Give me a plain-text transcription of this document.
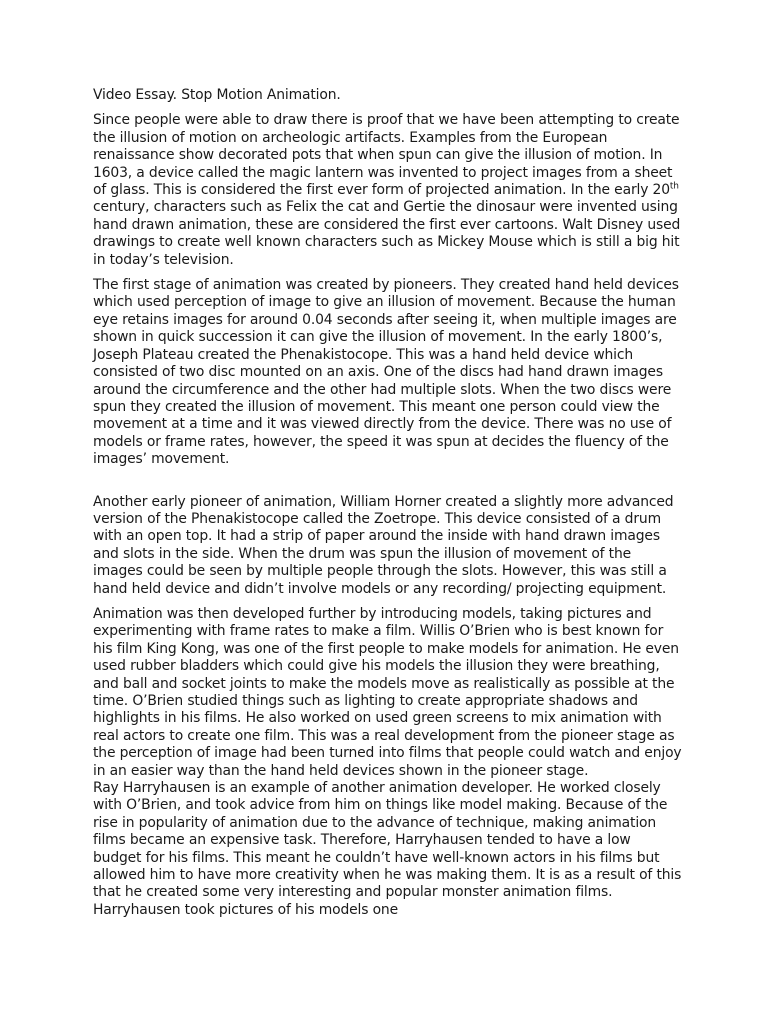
Video Essay. Stop Motion Animation.

Since people were able to draw there is proof that we have been attempting to create the illusion of motion on archeologic artifacts. Examples from the European renaissance show decorated pots that when spun can give the illusion of motion. In 1603, a device called the magic lantern was invented to project images from a sheet of glass. This is considered the first ever form of projected animation. In the early 20th century, characters such as Felix the cat and Gertie the dinosaur were invented using hand drawn animation, these are considered the first ever cartoons. Walt Disney used drawings to create well known characters such as Mickey Mouse which is still a big hit in today’s television.

The first stage of animation was created by pioneers. They created hand held devices which used perception of image to give an illusion of movement. Because the human eye retains images for around 0.04 seconds after seeing it, when multiple images are shown in quick succession it can give the illusion of movement. In the early 1800’s, Joseph Plateau created the Phenakistocope. This was a hand held device which consisted of two disc mounted on an axis. One of the discs had hand drawn images around the circumference and the other had multiple slots. When the two discs were spun they created the illusion of movement. This meant one person could view the movement at a time and it was viewed directly from the device. There was no use of models or frame rates, however, the speed it was spun at decides the fluency of the images’ movement.

Another early pioneer of animation, William Horner created a slightly more advanced version of the Phenakistocope called the Zoetrope. This device consisted of a drum with an open top. It had a strip of paper around the inside with hand drawn images and slots in the side. When the drum was spun the illusion of movement of the images could be seen by multiple people through the slots. However, this was still a hand held device and didn’t involve models or any recording/ projecting equipment.

Animation was then developed further by introducing models, taking pictures and experimenting with frame rates to make a film. Willis O’Brien who is best known for his film King Kong, was one of the first people to make models for animation. He even used rubber bladders which could give his models the illusion they were breathing, and ball and socket joints to make the models move as realistically as possible at the time. O’Brien studied things such as lighting to create appropriate shadows and highlights in his films. He also worked on used green screens to mix animation with real actors to create one film. This was a real development from the pioneer stage as the perception of image had been turned into films that people could watch and enjoy in an easier way than the hand held devices shown in the pioneer stage.

Ray Harryhausen is an example of another animation developer. He worked closely with O’Brien, and took advice from him on things like model making. Because of the rise in popularity of animation due to the advance of technique, making animation films became an expensive task. Therefore, Harryhausen tended to have a low budget for his films. This meant he couldn’t have well-known actors in his films but allowed him to have more creativity when he was making them. It is as a result of this that he created some very interesting and popular monster animation films. Harryhausen took pictures of his models one
